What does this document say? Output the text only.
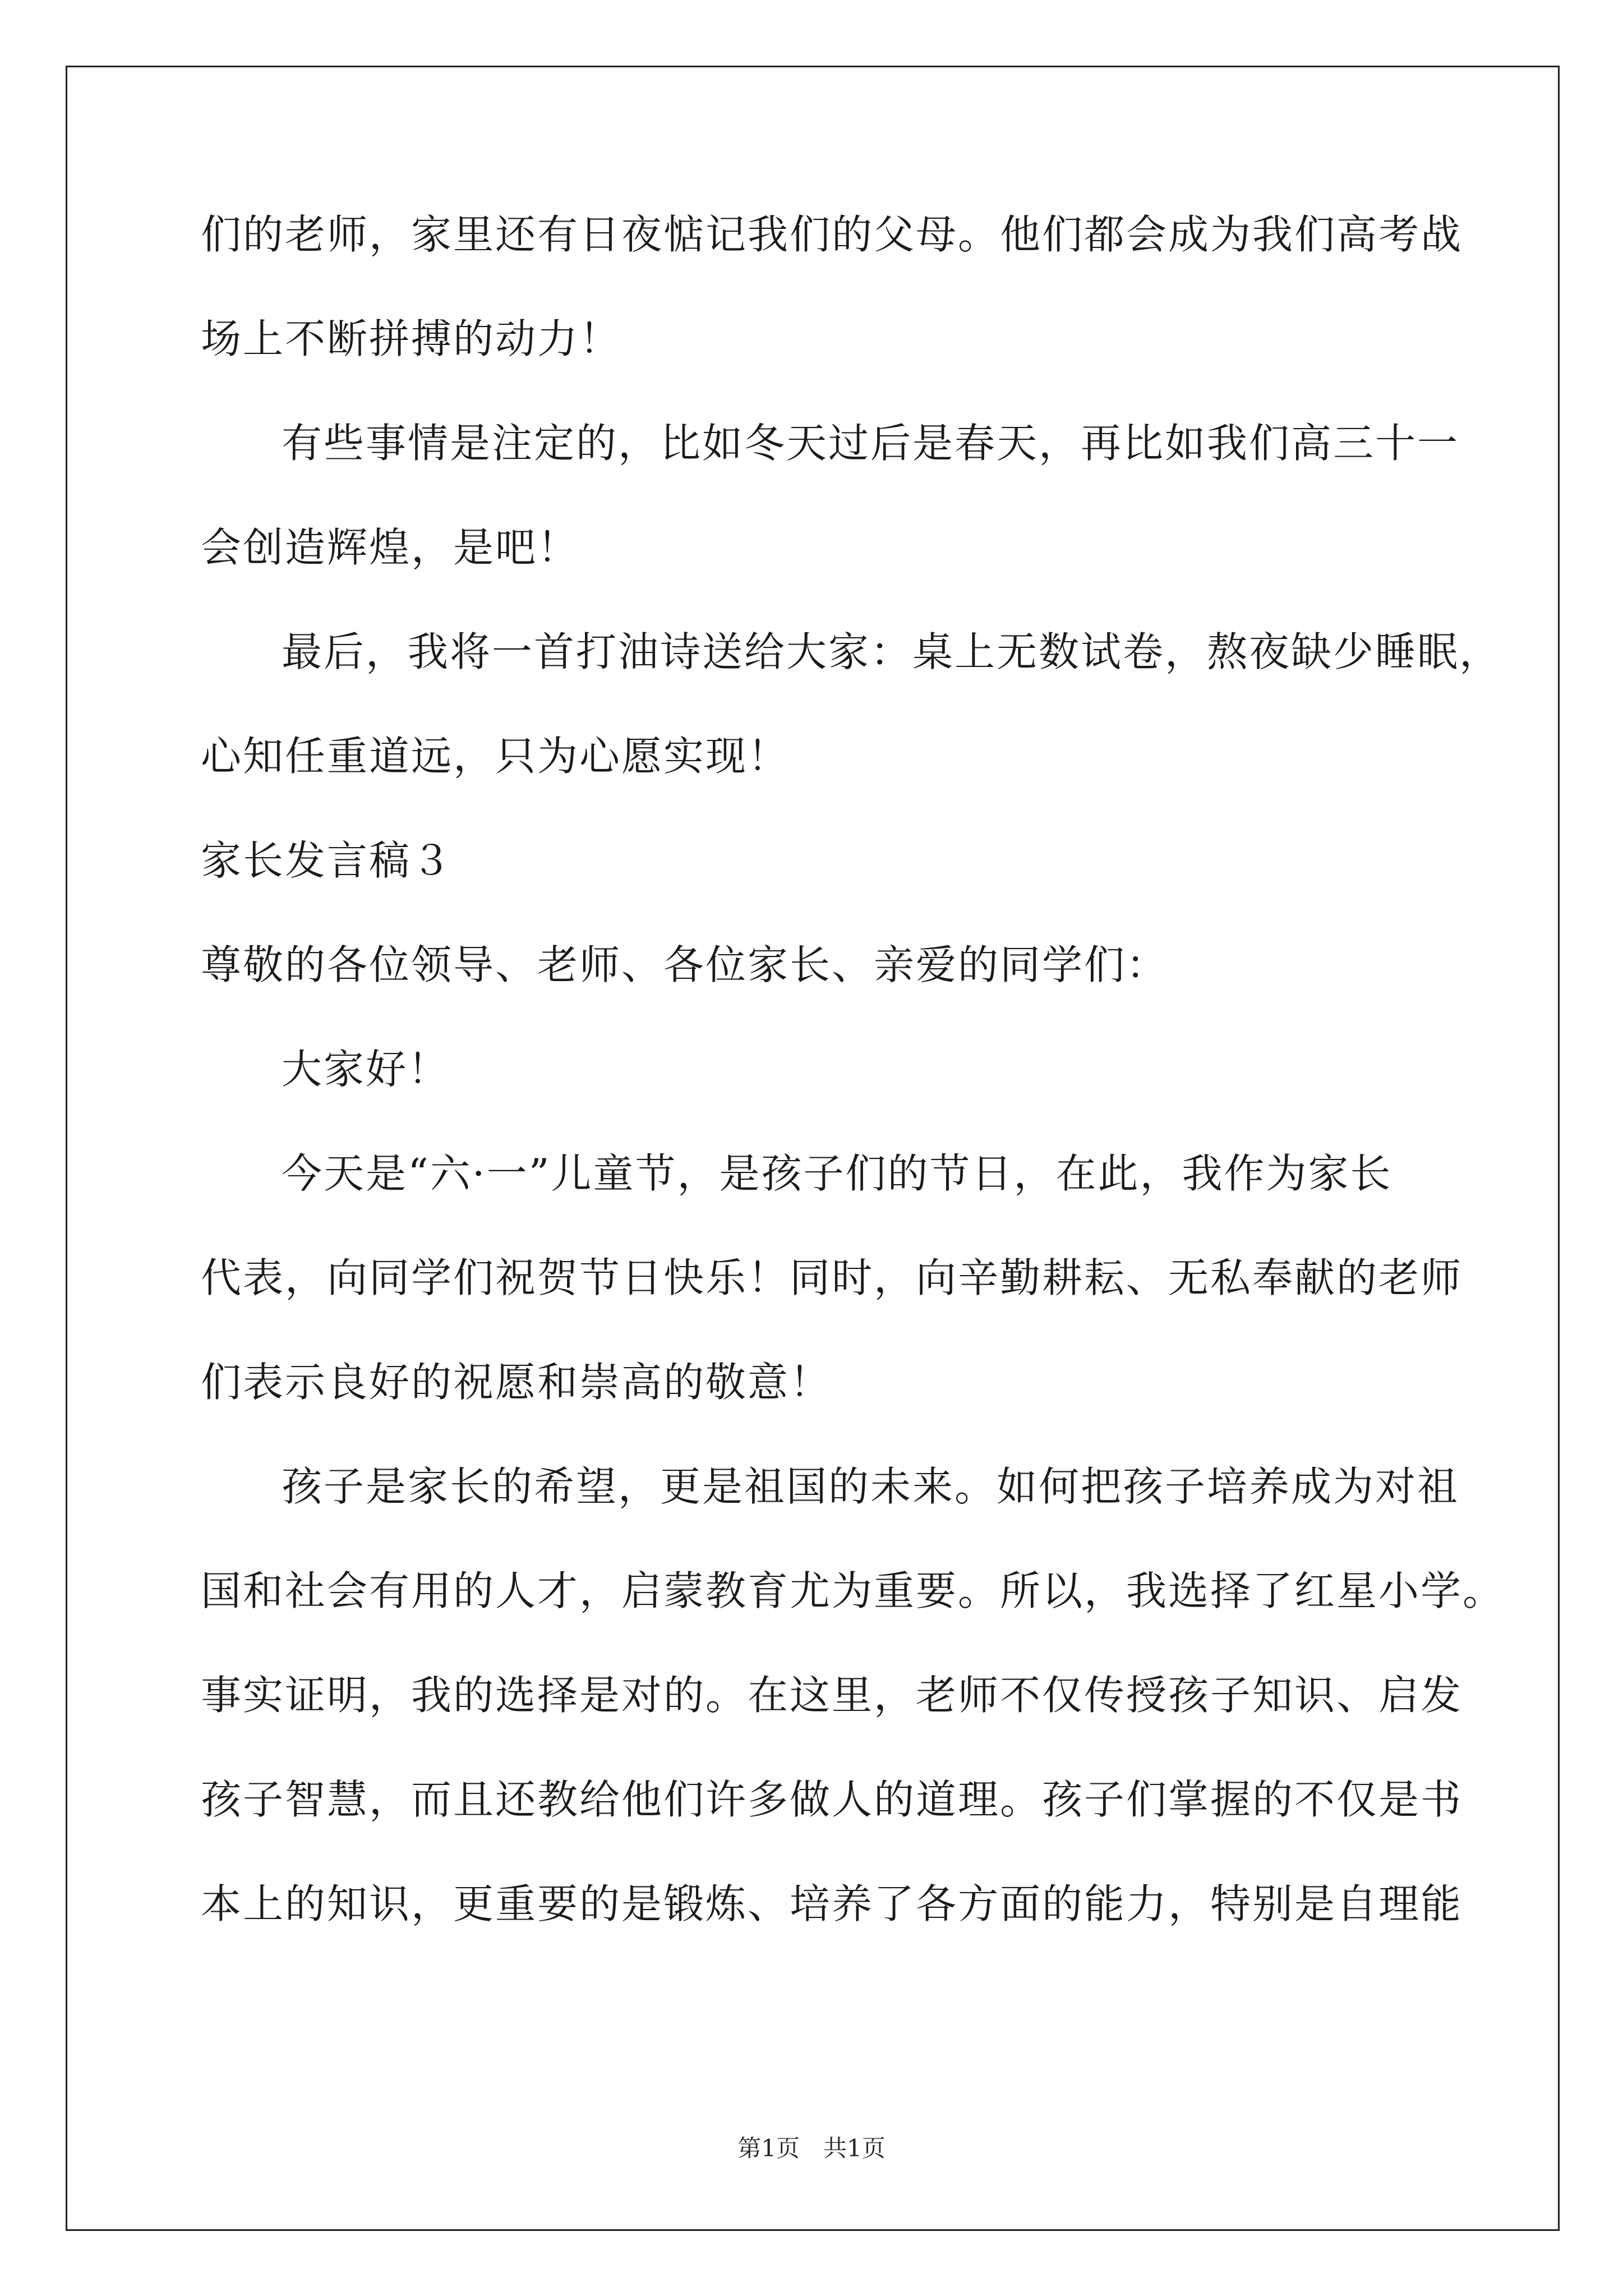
们的老师，家里还有日夜惦记我们的父母。他们都会成为我们高考战
场上不断拼搏的动力！
有些事情是注定的，比如冬天过后是春天，再比如我们高三十一
会创造辉煌，是吧！
最后，我将一首打油诗送给大家：桌上无数试卷，熬夜缺少睡眠，
心知任重道远，只为心愿实现！
家长发言稿３
尊敬的各位领导、老师、各位家长、亲爱的同学们：
大家好！
今天是“六·一”儿童节，是孩子们的节日，在此，我作为家长
代表，向同学们祝贺节日快乐！同时，向辛勤耕耘、无私奉献的老师
们表示良好的祝愿和崇高的敬意！
孩子是家长的希望，更是祖国的未来。如何把孩子培养成为对祖
国和社会有用的人才，启蒙教育尤为重要。所以，我选择了红星小学。
事实证明，我的选择是对的。在这里，老师不仅传授孩子知识、启发
孩子智慧，而且还教给他们许多做人的道理。孩子们掌握的不仅是书
本上的知识，更重要的是锻炼、培养了各方面的能力，特别是自理能
第1页　共1页
